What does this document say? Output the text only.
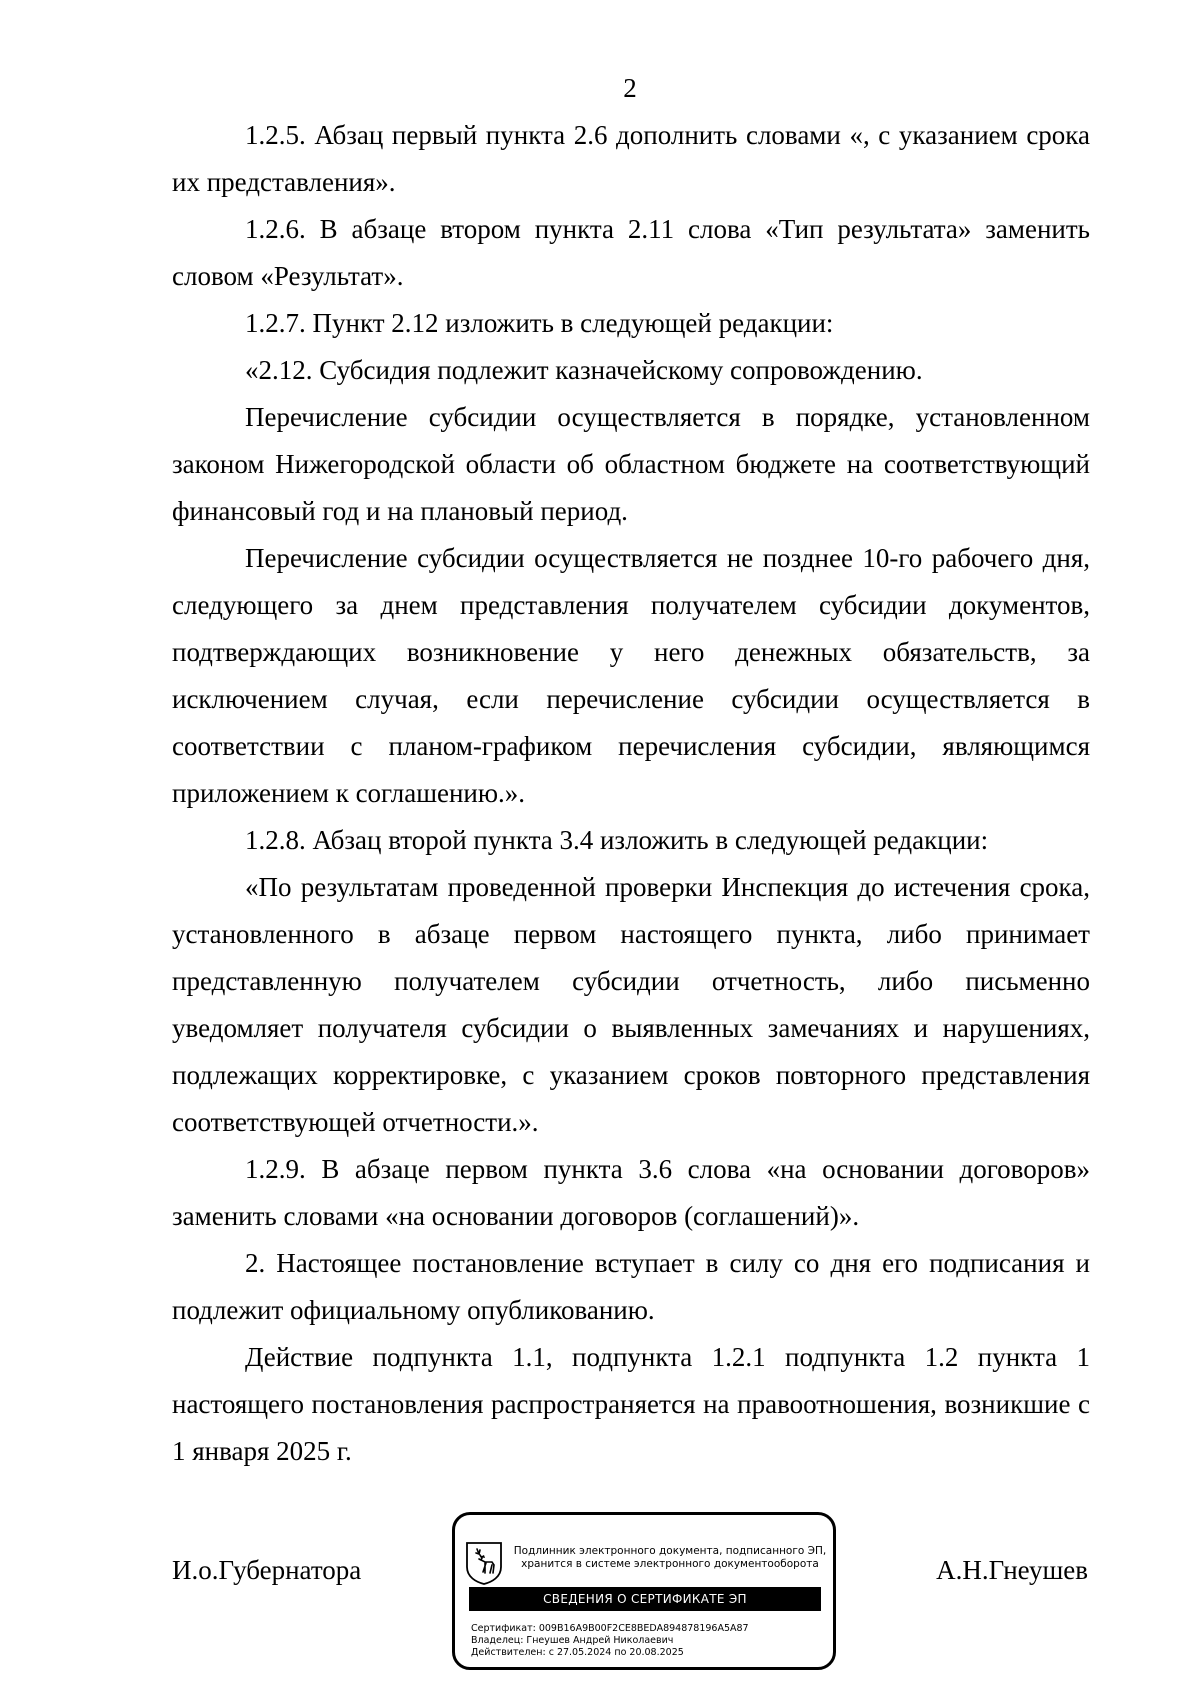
2

1.2.5. Абзац первый пункта 2.6 дополнить словами «, с указанием срока их представления».

1.2.6. В абзаце втором пункта 2.11 слова «Тип результата» заменить словом «Результат».

1.2.7. Пункт 2.12 изложить в следующей редакции:

«2.12. Субсидия подлежит казначейскому сопровождению.

Перечисление субсидии осуществляется в порядке, установленном законом Нижегородской области об областном бюджете на соответствующий финансовый год и на плановый период.

Перечисление субсидии осуществляется не позднее 10-го рабочего дня, следующего за днем представления получателем субсидии документов, подтверждающих возникновение у него денежных обязательств, за исключением случая, если перечисление субсидии осуществляется в соответствии с планом-графиком перечисления субсидии, являющимся приложением к соглашению.».

1.2.8. Абзац второй пункта 3.4 изложить в следующей редакции:

«По результатам проведенной проверки Инспекция до истечения срока, установленного в абзаце первом настоящего пункта, либо принимает представленную получателем субсидии отчетность, либо письменно уведомляет получателя субсидии о выявленных замечаниях и нарушениях, подлежащих корректировке, с указанием сроков повторного представления соответствующей отчетности.».

1.2.9. В абзаце первом пункта 3.6 слова «на основании договоров» заменить словами «на основании договоров (соглашений)».

2. Настоящее постановление вступает в силу со дня его подписания и подлежит официальному опубликованию.

Действие подпункта 1.1, подпункта 1.2.1 подпункта 1.2 пункта 1 настоящего постановления распространяется на правоотношения, возникшие с 1 января 2025 г.

И.о.Губернатора
Подлинник электронного документа, подписанного ЭП,
хранится в системе электронного документооборота
СВЕДЕНИЯ О СЕРТИФИКАТЕ ЭП
Сертификат: 009B16A9B00F2CE8BEDA894878196A5A87
Владелец: Гнеушев Андрей Николаевич
Действителен: с 27.05.2024 по 20.08.2025
А.Н.Гнеушев
